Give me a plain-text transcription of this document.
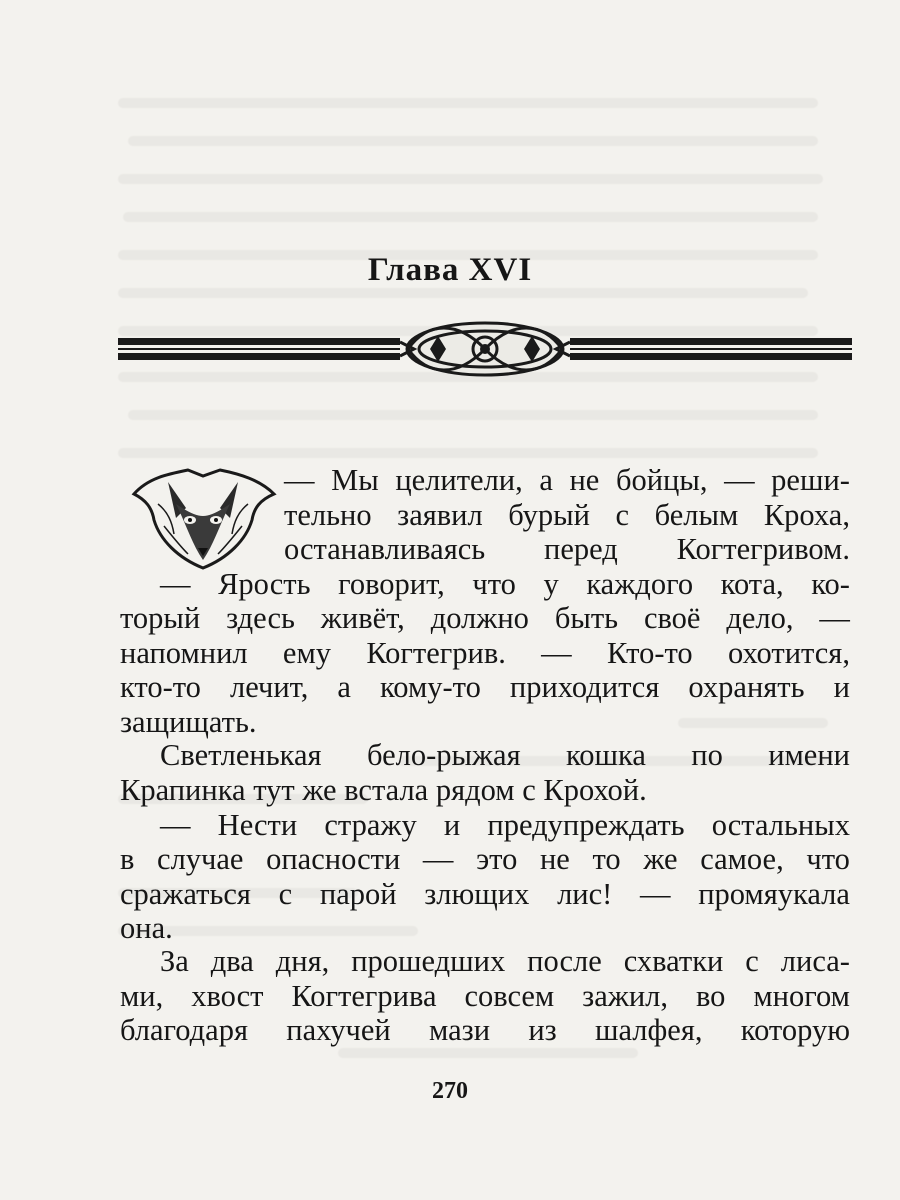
Глава XVI
— Мы целители, а не бойцы, — реши-
тельно заявил бурый с белым Кроха,
останавливаясь перед Когтегривом.
— Ярость говорит, что у каждого кота, ко-
торый здесь живёт, должно быть своё дело, —
напомнил ему Когтегрив. — Кто-то охотится,
кто-то лечит, а кому-то приходится охранять и
защищать.
Светленькая бело-рыжая кошка по имени
Крапинка тут же встала рядом с Крохой.
— Нести стражу и предупреждать остальных
в случае опасности — это не то же самое, что
сражаться с парой злющих лис! — промяукала
она.
За два дня, прошедших после схватки с лиса-
ми, хвост Когтегрива совсем зажил, во многом
благодаря пахучей мази из шалфея, которую
270
